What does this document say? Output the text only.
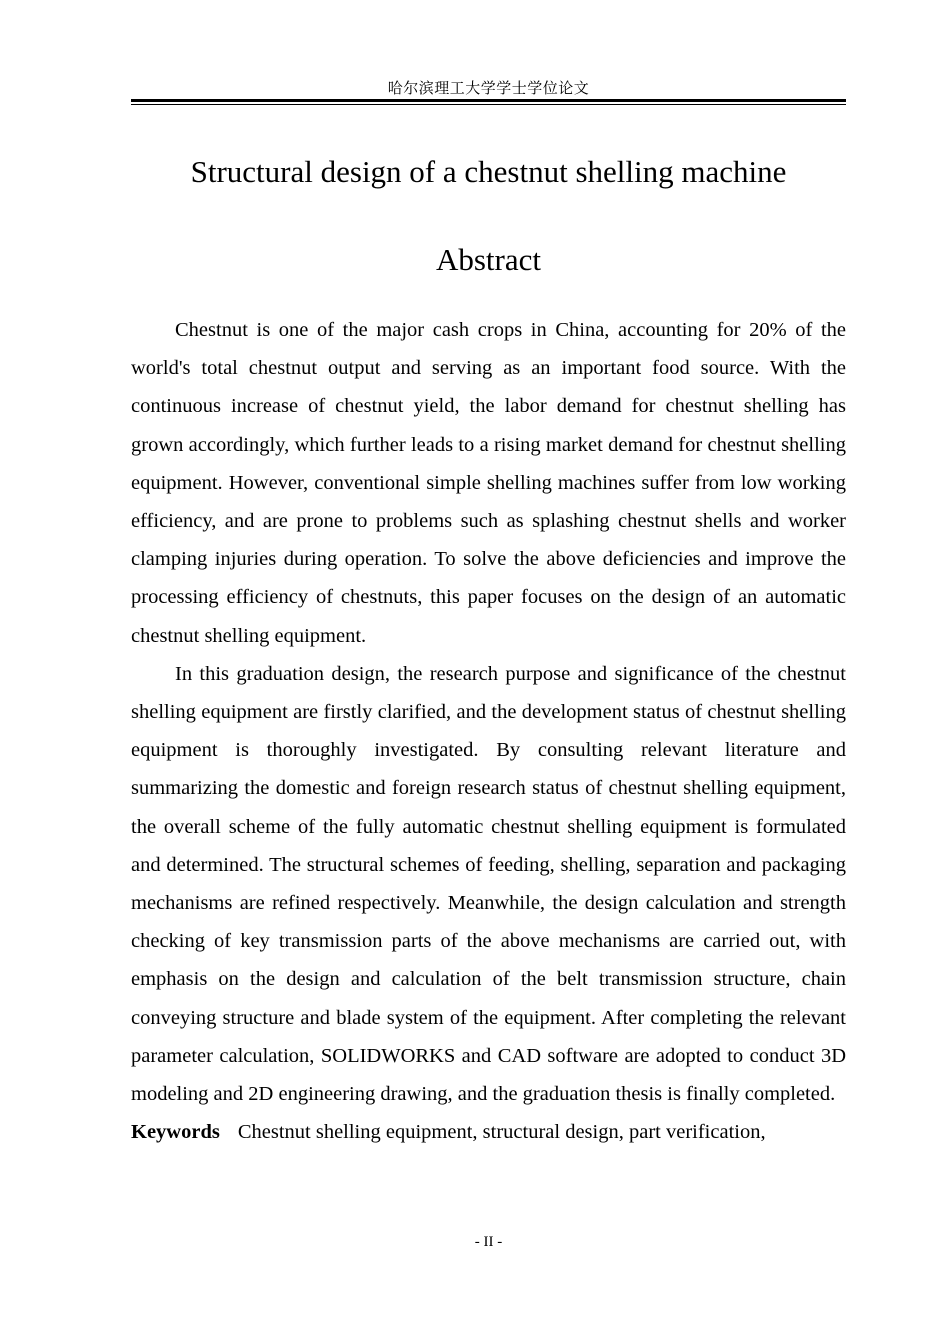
哈尔滨理工大学学士学位论文
Structural design of a chestnut shelling machine
Abstract

Chestnut is one of the major cash crops in China, accounting for 20% of the world's total chestnut output and serving as an important food source. With the continuous increase of chestnut yield, the labor demand for chestnut shelling has grown accordingly, which further leads to a rising market demand for chestnut shelling equipment. However, conventional simple shelling machines suffer from low working efficiency, and are prone to problems such as splashing chestnut shells and worker clamping injuries during operation. To solve the above deficiencies and improve the processing efficiency of chestnuts, this paper focuses on the design of an automatic chestnut shelling equipment.

In this graduation design, the research purpose and significance of the chestnut shelling equipment are firstly clarified, and the development status of chestnut shelling equipment is thoroughly investigated. By consulting relevant literature and summarizing the domestic and foreign research status of chestnut shelling equipment, the overall scheme of the fully automatic chestnut shelling equipment is formulated and determined. The structural schemes of feeding, shelling, separation and packaging mechanisms are refined respectively. Meanwhile, the design calculation and strength checking of key transmission parts of the above mechanisms are carried out, with emphasis on the design and calculation of the belt transmission structure, chain conveying structure and blade system of the equipment. After completing the relevant parameter calculation, SOLIDWORKS and CAD software are adopted to conduct 3D modeling and 2D engineering drawing, and the graduation thesis is finally completed.

Keywords Chestnut shelling equipment, structural design, part verification,
- II -
